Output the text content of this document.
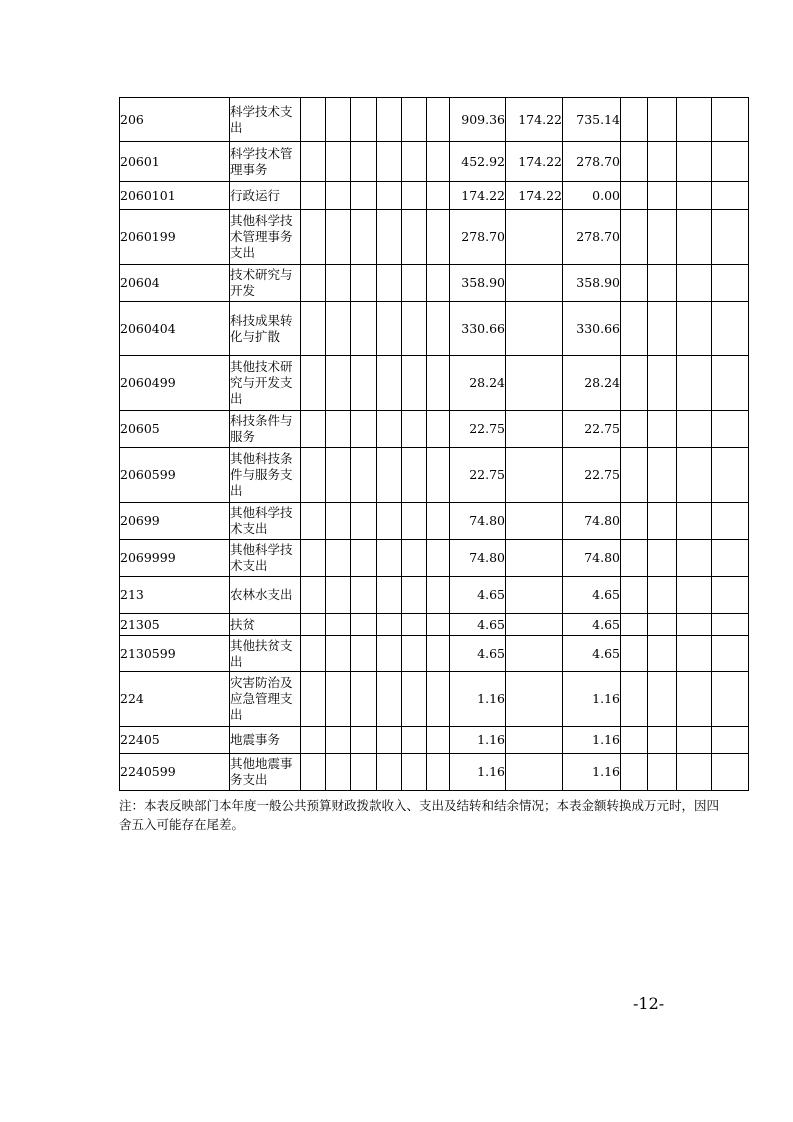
206	科学技术支出							909.36	174.22	735.14				
20601	科学技术管理事务							452.92	174.22	278.70				
2060101	行政运行							174.22	174.22	0.00				
2060199	其他科学技术管理事务支出							278.70		278.70				
20604	技术研究与开发							358.90		358.90				
2060404	科技成果转化与扩散							330.66		330.66				
2060499	其他技术研究与开发支出							28.24		28.24				
20605	科技条件与服务							22.75		22.75				
2060599	其他科技条件与服务支出							22.75		22.75				
20699	其他科学技术支出							74.80		74.80				
2069999	其他科学技术支出							74.80		74.80				
213	农林水支出							4.65		4.65				
21305	扶贫							4.65		4.65				
2130599	其他扶贫支出							4.65		4.65				
224	灾害防治及应急管理支出							1.16		1.16				
22405	地震事务							1.16		1.16				
2240599	其他地震事务支出							1.16		1.16				

注：本表反映部门本年度一般公共预算财政拨款收入、支出及结转和结余情况；本表金额转换成万元时，因四舍五入可能存在尾差。

-12-
